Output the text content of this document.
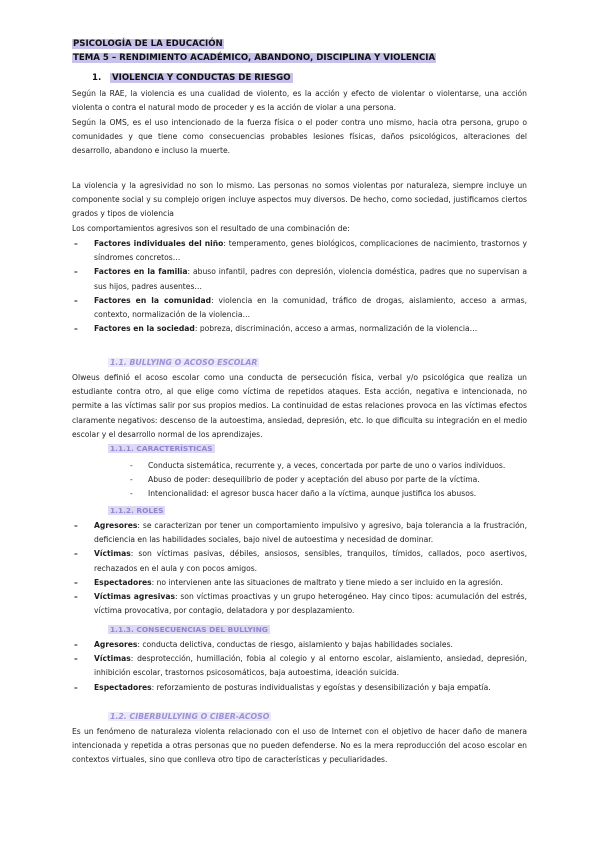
PSICOLOGÍA DE LA EDUCACIÓN
TEMA 5 – RENDIMIENTO ACADÉMICO, ABANDONO, DISCIPLINA Y VIOLENCIA
1. VIOLENCIA Y CONDUCTAS DE RIESGO

Según la RAE, la violencia es una cualidad de violento, es la acción y efecto de violentar o violentarse, una acción violenta o contra el natural modo de proceder y es la acción de violar a una persona.

Según la OMS, es el uso intencionado de la fuerza física o el poder contra uno mismo, hacia otra persona, grupo o comunidades y que tiene como consecuencias probables lesiones físicas, daños psicológicos, alteraciones del desarrollo, abandono e incluso la muerte.

La violencia y la agresividad no son lo mismo. Las personas no somos violentas por naturaleza, siempre incluye un componente social y su complejo origen incluye aspectos muy diversos. De hecho, como sociedad, justificamos ciertos grados y tipos de violencia

Los comportamientos agresivos son el resultado de una combinación de:

– Factores individuales del niño: temperamento, genes biológicos, complicaciones de nacimiento, trastornos y síndromes concretos…
– Factores en la familia: abuso infantil, padres con depresión, violencia doméstica, padres que no supervisan a sus hijos, padres ausentes…
– Factores en la comunidad: violencia en la comunidad, tráfico de drogas, aislamiento, acceso a armas, contexto, normalización de la violencia…
– Factores en la sociedad: pobreza, discriminación, acceso a armas, normalización de la violencia…
1.1. BULLYING O ACOSO ESCOLAR

Olweus definió el acoso escolar como una conducta de persecución física, verbal y/o psicológica que realiza un estudiante contra otro, al que elige como víctima de repetidos ataques. Esta acción, negativa e intencionada, no permite a las víctimas salir por sus propios medios. La continuidad de estas relaciones provoca en las víctimas efectos claramente negativos: descenso de la autoestima, ansiedad, depresión, etc. lo que dificulta su integración en el medio escolar y el desarrollo normal de los aprendizajes.

1.1.1. CARACTERÍSTICAS
- Conducta sistemática, recurrente y, a veces, concertada por parte de uno o varios individuos.
- Abuso de poder: desequilibrio de poder y aceptación del abuso por parte de la víctima.
- Intencionalidad: el agresor busca hacer daño a la víctima, aunque justifica los abusos.
1.1.2. ROLES
– Agresores: se caracterizan por tener un comportamiento impulsivo y agresivo, baja tolerancia a la frustración, deficiencia en las habilidades sociales, bajo nivel de autoestima y necesidad de dominar.
– Víctimas: son víctimas pasivas, débiles, ansiosos, sensibles, tranquilos, tímidos, callados, poco asertivos, rechazados en el aula y con pocos amigos.
– Espectadores: no intervienen ante las situaciones de maltrato y tiene miedo a ser incluido en la agresión.
– Víctimas agresivas: son víctimas proactivas y un grupo heterogéneo. Hay cinco tipos: acumulación del estrés, víctima provocativa, por contagio, delatadora y por desplazamiento.
1.1.3. CONSECUENCIAS DEL BULLYING
– Agresores: conducta delictiva, conductas de riesgo, aislamiento y bajas habilidades sociales.
– Víctimas: desprotección, humillación, fobia al colegio y al entorno escolar, aislamiento, ansiedad, depresión, inhibición escolar, trastornos psicosomáticos, baja autoestima, ideación suicida.
– Espectadores: reforzamiento de posturas individualistas y egoístas y desensibilización y baja empatía.
1.2. CIBERBULLYING O CIBER-ACOSO

Es un fenómeno de naturaleza violenta relacionado con el uso de Internet con el objetivo de hacer daño de manera intencionada y repetida a otras personas que no pueden defenderse. No es la mera reproducción del acoso escolar en contextos virtuales, sino que conlleva otro tipo de características y peculiaridades.
